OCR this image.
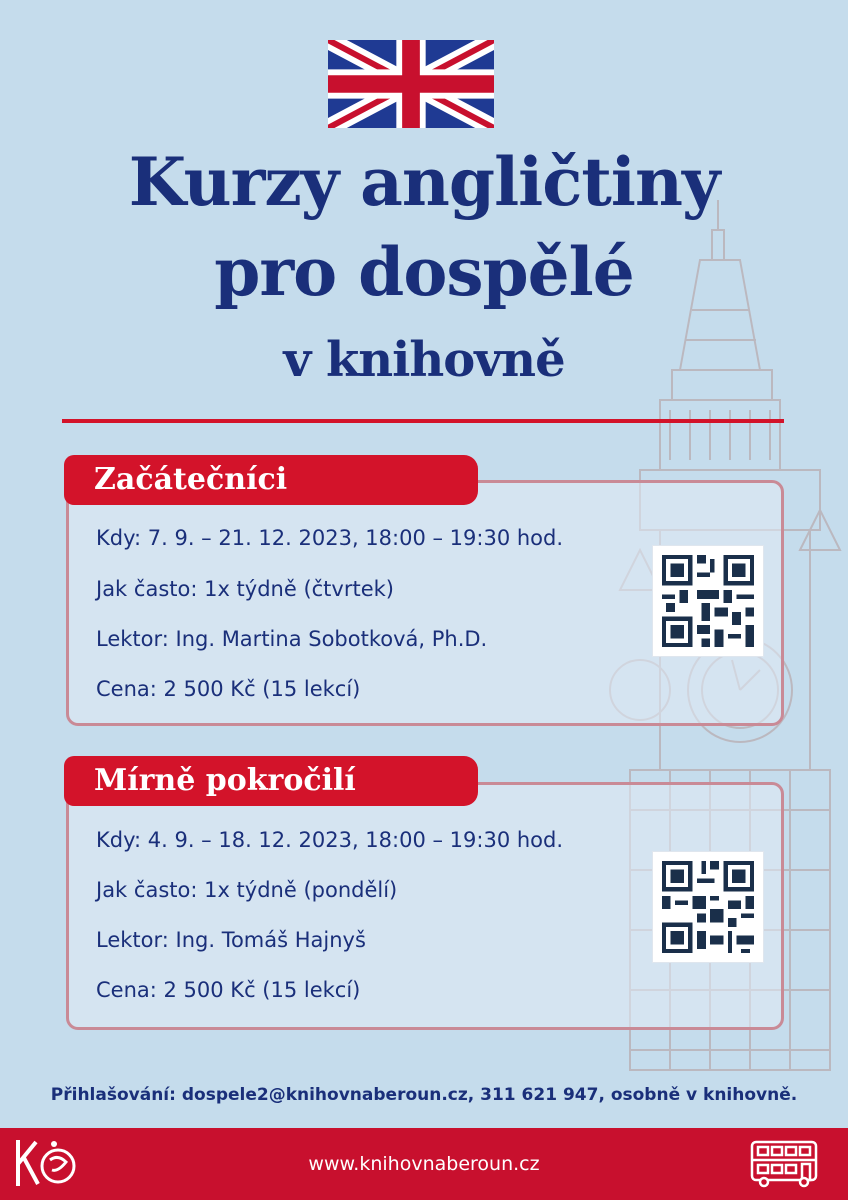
Kurzy angličtiny
pro dospělé
v knihovně
Začátečníci
Kdy: 7. 9. – 21. 12. 2023, 18:00 – 19:30 hod.
Jak často: 1x týdně (čtvrtek)
Lektor: Ing. Martina Sobotková, Ph.D.
Cena: 2 500 Kč (15 lekcí)
Mírně pokročilí
Kdy: 4. 9. – 18. 12. 2023, 18:00 – 19:30 hod.
Jak často: 1x týdně (pondělí)
Lektor: Ing. Tomáš Hajnyš
Cena: 2 500 Kč (15 lekcí)
Přihlašování: dospele2@knihovnaberoun.cz, 311 621 947, osobně v knihovně.
www.knihovnaberoun.cz
